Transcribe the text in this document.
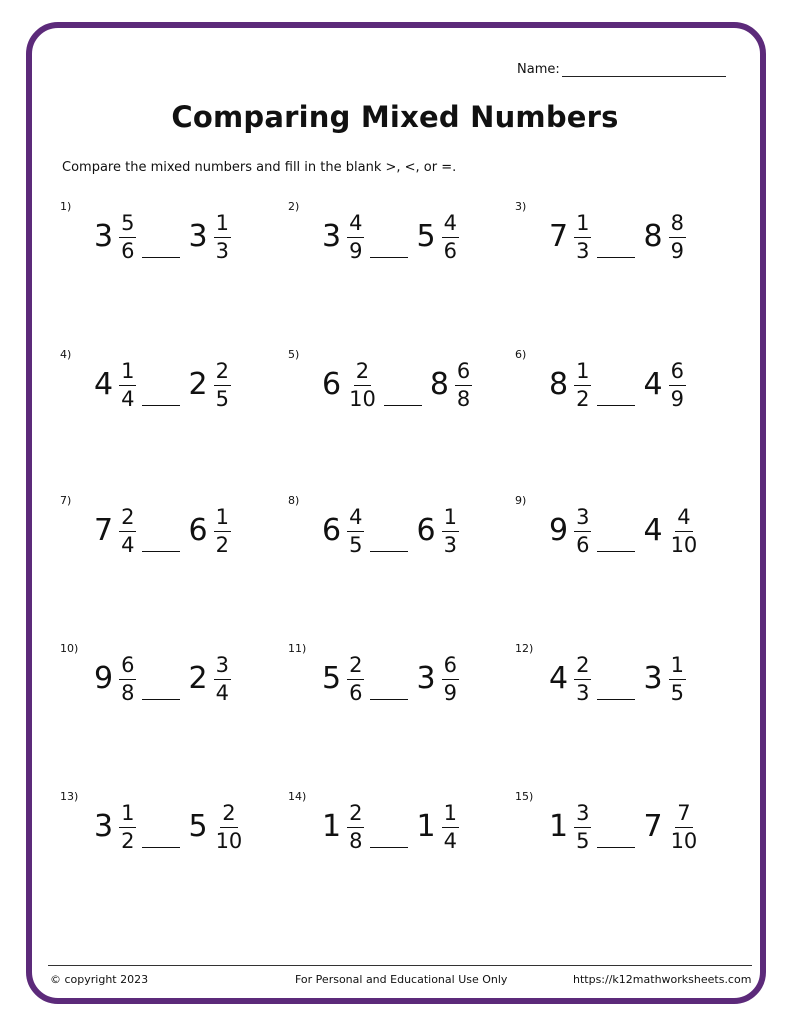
Name:
Comparing Mixed Numbers
Compare the mixed numbers and fill in the blank >, <, or =.
1)
$3 \frac{5}{6} 3 \frac{1}{3}$
2)
$3 \frac{4}{9} 5 \frac{4}{6}$
3)
$7 \frac{1}{3} 8 \frac{8}{9}$
4)
$4 \frac{1}{4} 2 \frac{2}{5}$
5)
$6 \frac{2}{10} 8 \frac{6}{8}$
6)
$8 \frac{1}{2} 4 \frac{6}{9}$
7)
$7 \frac{2}{4} 6 \frac{1}{2}$
8)
$6 \frac{4}{5} 6 \frac{1}{3}$
9)
$9 \frac{3}{6} 4 \frac{4}{10}$
10)
$9 \frac{6}{8} 2 \frac{3}{4}$
11)
$5 \frac{2}{6} 3 \frac{6}{9}$
12)
$4 \frac{2}{3} 3 \frac{1}{5}$
13)
$3 \frac{1}{2} 5 \frac{2}{10}$
14)
$1 \frac{2}{8} 1 \frac{1}{4}$
15)
$1 \frac{3}{5} 7 \frac{7}{10}$
© copyright 2023	For Personal and Educational Use Only	https://k12mathworksheets.com
